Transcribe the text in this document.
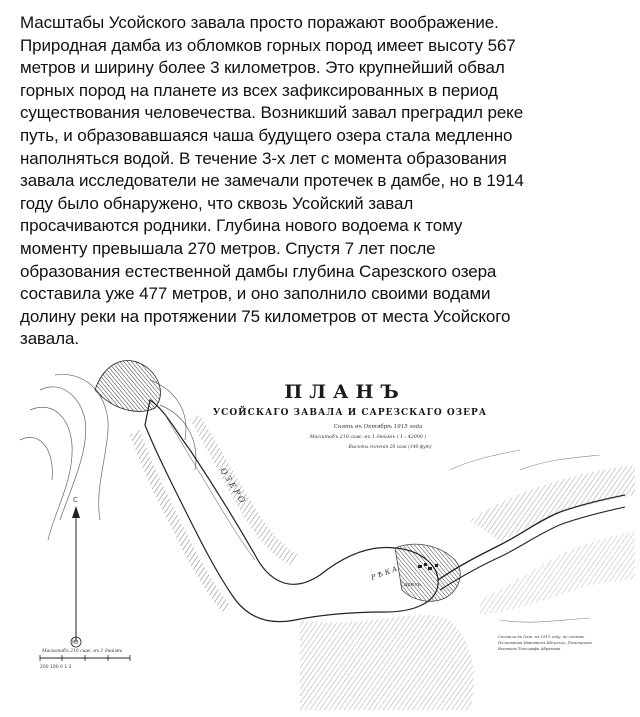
Масштабы Усойского завала просто поражают воображение.
Природная дамба из обломков горных пород имеет высоту 567
метров и ширину более 3 километров. Это крупнейший обвал
горных пород на планете из всех зафиксированных в период
существования человечества. Возникший завал преградил реке
путь, и образовавшаяся чаша будущего озера стала медленно
наполняться водой. В течение 3-х лет с момента образования
завала исследователи не замечали протечек в дамбе, но в 1914
году было обнаружено, что сквозь Усойский завал
просачиваются родники. Глубина нового водоема к тому
моменту превышала 270 метров. Спустя 7 лет после
образования естественной дамбы глубина Сарезского озера
составила уже 477 метров, и оно заполнило своими водами
долину реки на протяжении 75 километров от места Усойского
завала.
ПЛАНЪ
УСОЙСКАГО ЗАВАЛА И САРЕЗСКАГО ОЗЕРА
Снять въ Октябрѣ 1915 года
Масштабъ 210 саж. въ 1 дюймѣ ( 1 : 42000 )
Высоты сѣченія 20 саж (140 фут)
О З Е Р О
Р Ѣ К А
Сарезъ
С
Ю
Масштабъ 210 саж. въ 1 дюймѣ
200 100 0 1 2
Снимали въ Окт. въ 1915 году, по съемкѣ
Полковника Ивановичъ Шпилько, Помощника
Военнаго Топографа Абрамова
